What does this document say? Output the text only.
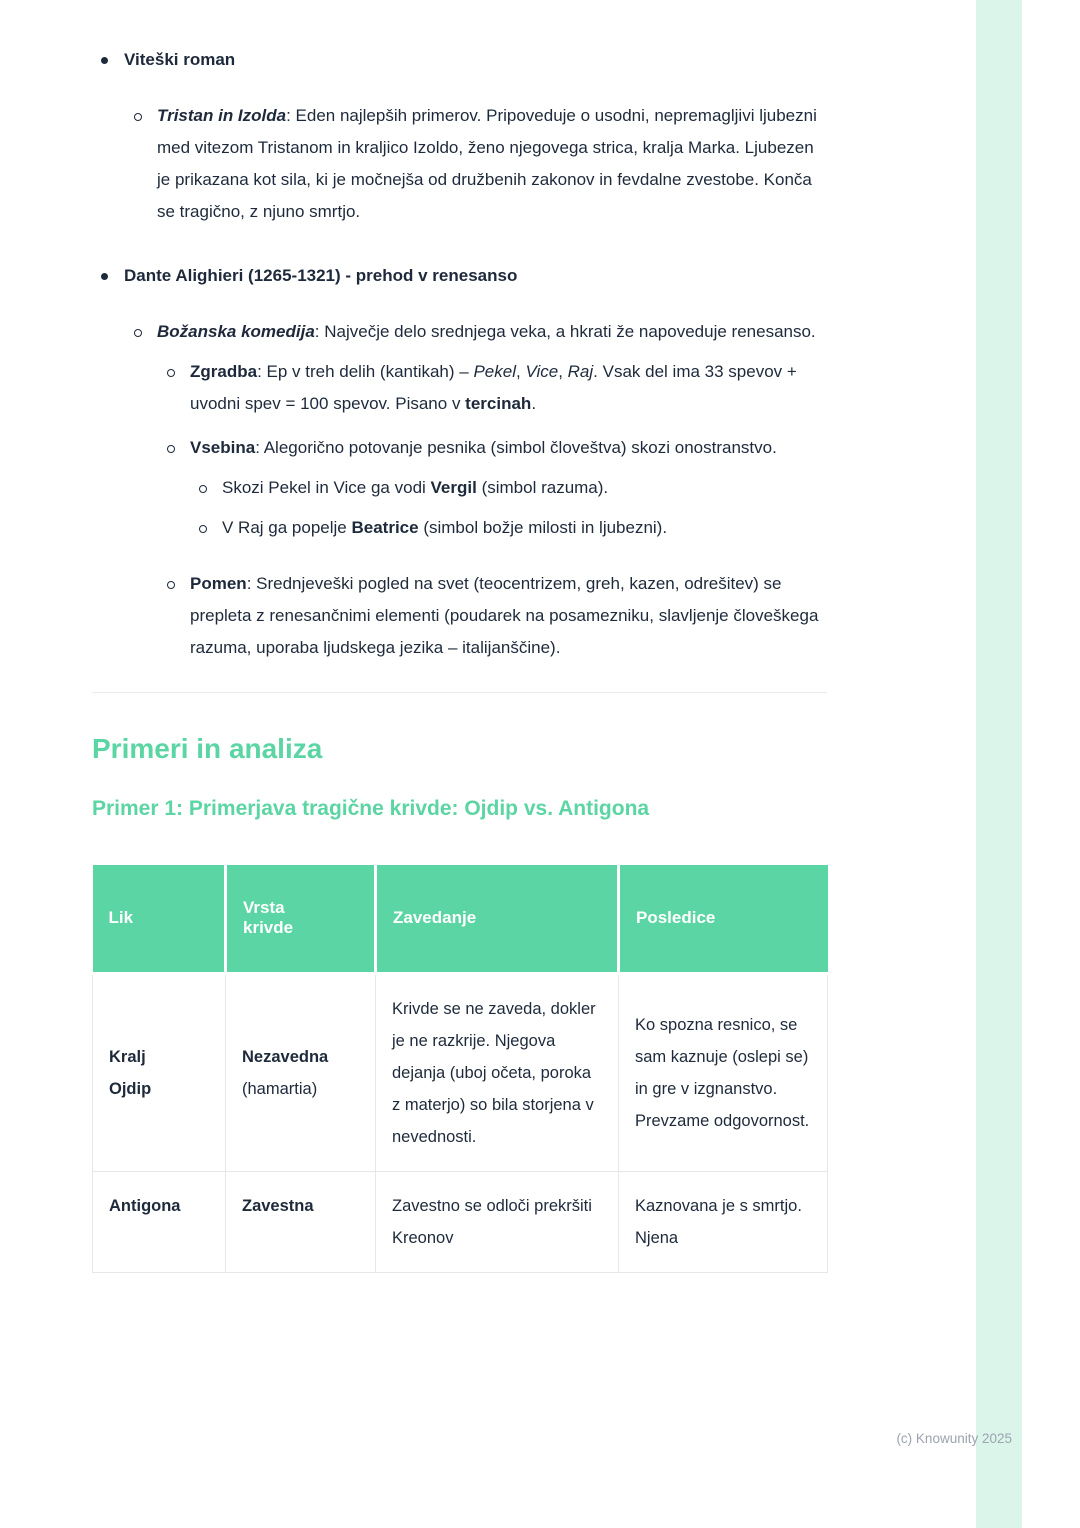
Viteški roman
Tristan in Izolda: Eden najlepših primerov. Pripoveduje o usodni, nepremagljivi ljubezni med vitezom Tristanom in kraljico Izoldo, ženo njegovega strica, kralja Marka. Ljubezen je prikazana kot sila, ki je močnejša od družbenih zakonov in fevdalne zvestobe. Konča se tragično, z njuno smrtjo.
Dante Alighieri (1265-1321) - prehod v renesanso
Božanska komedija: Največje delo srednjega veka, a hkrati že napoveduje renesanso.
Zgradba: Ep v treh delih (kantikah) – Pekel, Vice, Raj. Vsak del ima 33 spevov + uvodni spev = 100 spevov. Pisano v tercinah.
Vsebina: Alegorično potovanje pesnika (simbol človeštva) skozi onostranstvo.
Skozi Pekel in Vice ga vodi Vergil (simbol razuma).
V Raj ga popelje Beatrice (simbol božje milosti in ljubezni).
Pomen: Srednjeveški pogled na svet (teocentrizem, greh, kazen, odrešitev) se prepleta z renesančnimi elementi (poudarek na posamezniku, slavljenje človeškega razuma, uporaba ljudskega jezika – italijanščine).
Primeri in analiza
Primer 1: Primerjava tragične krivde: Ojdip vs. Antigona
Lik	Vrsta krivde	Zavedanje	Posledice
Kralj Ojdip	Nezavedna (hamartia)	Krivde se ne zaveda, dokler je ne razkrije. Njegova dejanja (uboj očeta, poroka z materjo) so bila storjena v nevednosti.	Ko spozna resnico, se sam kaznuje (oslepi se) in gre v izgnanstvo. Prevzame odgovornost.
Antigona	Zavestna	Zavestno se odloči prekršiti Kreonov	Kaznovana je s smrtjo. Njena
(c) Knowunity 2025
